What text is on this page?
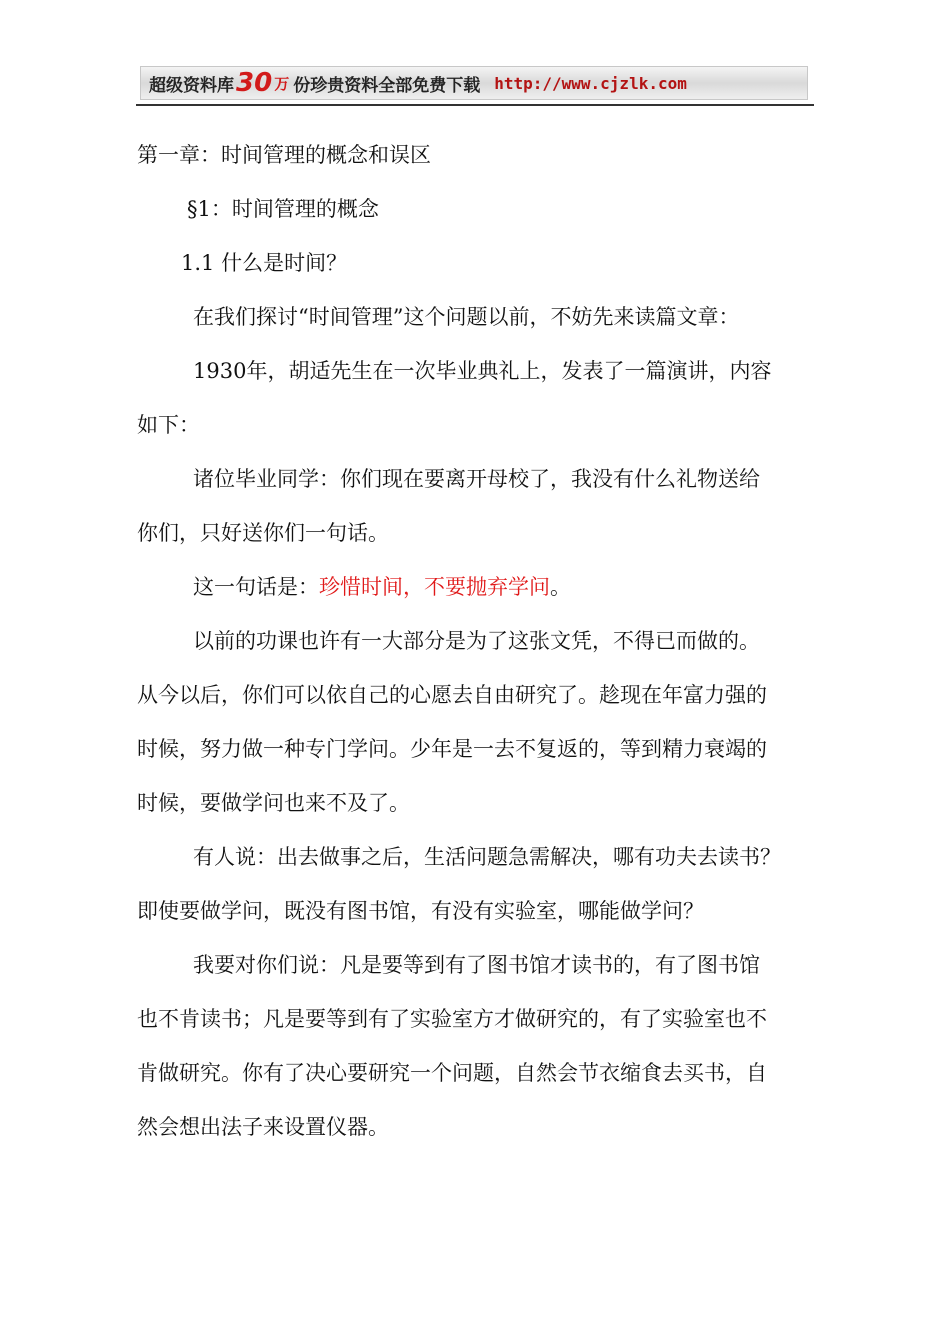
超级资料库 30 万 份珍贵资料全部免费下载 http://www.cjzlk.com
第一章：时间管理的概念和误区
§1：时间管理的概念
1.1 什么是时间？
在我们探讨“时间管理”这个问题以前，不妨先来读篇文章：
1930年，胡适先生在一次毕业典礼上，发表了一篇演讲，内容
如下：
诸位毕业同学：你们现在要离开母校了，我没有什么礼物送给
你们，只好送你们一句话。
这一句话是：珍惜时间，不要抛弃学问。
以前的功课也许有一大部分是为了这张文凭，不得已而做的。
从今以后，你们可以依自己的心愿去自由研究了。趁现在年富力强的
时候，努力做一种专门学问。少年是一去不复返的，等到精力衰竭的
时候，要做学问也来不及了。
有人说：出去做事之后，生活问题急需解决，哪有功夫去读书？
即使要做学问，既没有图书馆，有没有实验室，哪能做学问？
我要对你们说：凡是要等到有了图书馆才读书的，有了图书馆
也不肯读书；凡是要等到有了实验室方才做研究的，有了实验室也不
肯做研究。你有了决心要研究一个问题，自然会节衣缩食去买书，自
然会想出法子来设置仪器。
